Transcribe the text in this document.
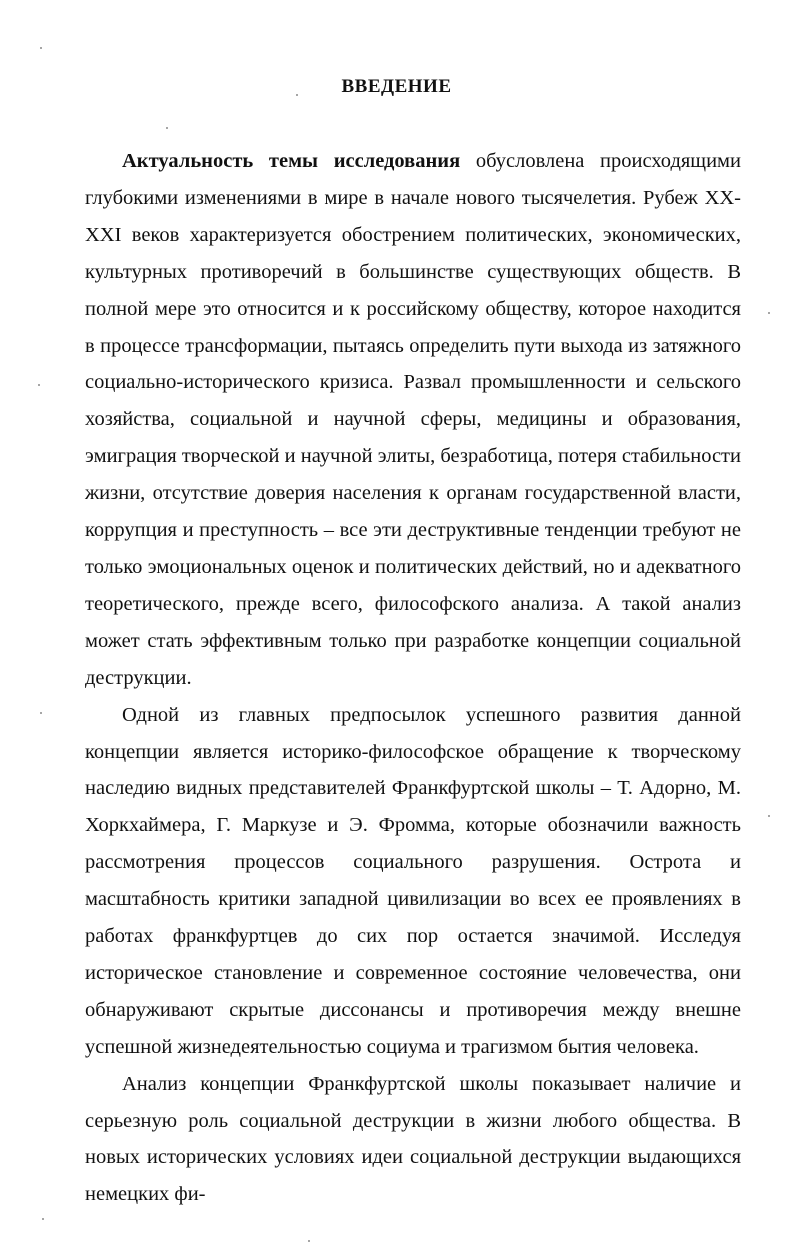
ВВЕДЕНИЕ

Актуальность темы исследования обусловлена происходящими глубокими изменениями в мире в начале нового тысячелетия. Рубеж XX-XXI веков характеризуется обострением политических, экономических, культурных противоречий в большинстве существующих обществ. В полной мере это относится и к российскому обществу, которое находится в процессе трансформации, пытаясь определить пути выхода из затяжного социально-исторического кризиса. Развал промышленности и сельского хозяйства, социальной и научной сферы, медицины и образования, эмиграция творческой и научной элиты, безработица, потеря стабильности жизни, отсутствие доверия населения к органам государственной власти, коррупция и преступность – все эти деструктивные тенденции требуют не только эмоциональных оценок и политических действий, но и адекватного теоретического, прежде всего, философского анализа. А такой анализ может стать эффективным только при разработке концепции социальной деструкции.

Одной из главных предпосылок успешного развития данной концепции является историко-философское обращение к творческому наследию видных представителей Франкфуртской школы – Т. Адорно, М. Хоркхаймера, Г. Маркузе и Э. Фромма, которые обозначили важность рассмотрения процессов социального разрушения. Острота и масштабность критики западной цивилизации во всех ее проявлениях в работах франкфуртцев до сих пор остается значимой. Исследуя историческое становление и современное состояние человечества, они обнаруживают скрытые диссонансы и противоречия между внешне успешной жизнедеятельностью социума и трагизмом бытия человека.

Анализ концепции Франкфуртской школы показывает наличие и серьезную роль социальной деструкции в жизни любого общества. В новых исторических условиях идеи социальной деструкции выдающихся немецких фи-
